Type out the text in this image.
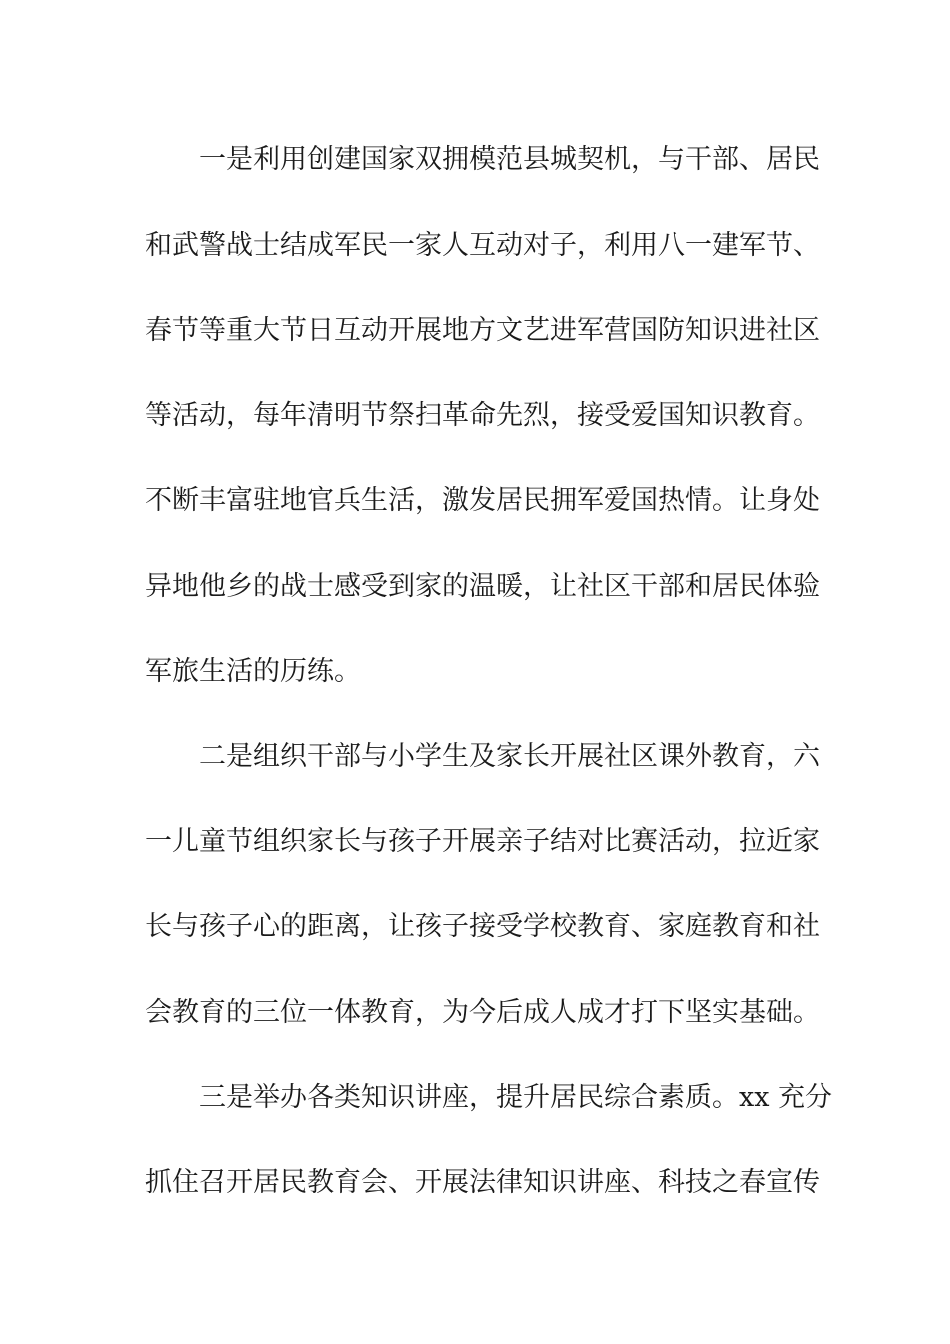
一是利用创建国家双拥模范县城契机，与干部、居民
和武警战士结成军民一家人互动对子，利用八一建军节、
春节等重大节日互动开展地方文艺进军营国防知识进社区
等活动，每年清明节祭扫革命先烈，接受爱国知识教育。
不断丰富驻地官兵生活，激发居民拥军爱国热情。让身处
异地他乡的战士感受到家的温暖，让社区干部和居民体验
军旅生活的历练。
二是组织干部与小学生及家长开展社区课外教育，六
一儿童节组织家长与孩子开展亲子结对比赛活动，拉近家
长与孩子心的距离，让孩子接受学校教育、家庭教育和社
会教育的三位一体教育，为今后成人成才打下坚实基础。
三是举办各类知识讲座，提升居民综合素质。xx 充分
抓住召开居民教育会、开展法律知识讲座、科技之春宣传
